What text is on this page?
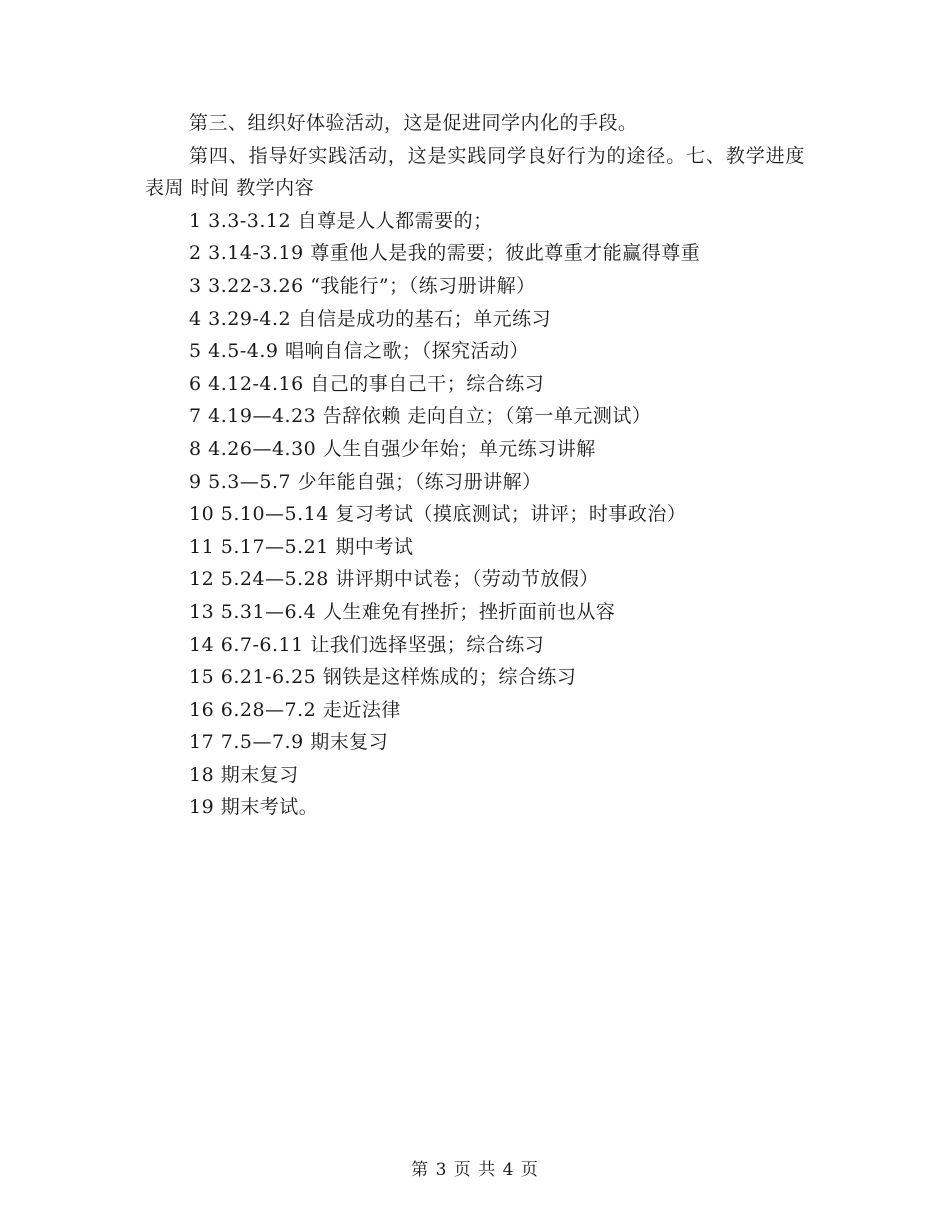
第三、组织好体验活动，这是促进同学内化的手段。

第四、指导好实践活动，这是实践同学良好行为的途径。七、教学进度表周 时间 教学内容

1 3.3-3.12 自尊是人人都需要的；
2 3.14-3.19 尊重他人是我的需要；彼此尊重才能赢得尊重
3 3.22-3.26 “我能行”；（练习册讲解）
4 3.29-4.2 自信是成功的基石；单元练习
5 4.5-4.9 唱响自信之歌；（探究活动）
6 4.12-4.16 自己的事自己干；综合练习
7 4.19—4.23 告辞依赖 走向自立；（第一单元测试）
8 4.26—4.30 人生自强少年始；单元练习讲解
9 5.3—5.7 少年能自强；（练习册讲解）
10 5.10—5.14 复习考试（摸底测试；讲评；时事政治）
11 5.17—5.21 期中考试
12 5.24—5.28 讲评期中试卷；（劳动节放假）
13 5.31—6.4 人生难免有挫折；挫折面前也从容
14 6.7-6.11 让我们选择坚强；综合练习
15 6.21-6.25 钢铁是这样炼成的；综合练习
16 6.28—7.2 走近法律
17 7.5—7.9 期末复习
18 期末复习
19 期末考试。
第 3 页 共 4 页
